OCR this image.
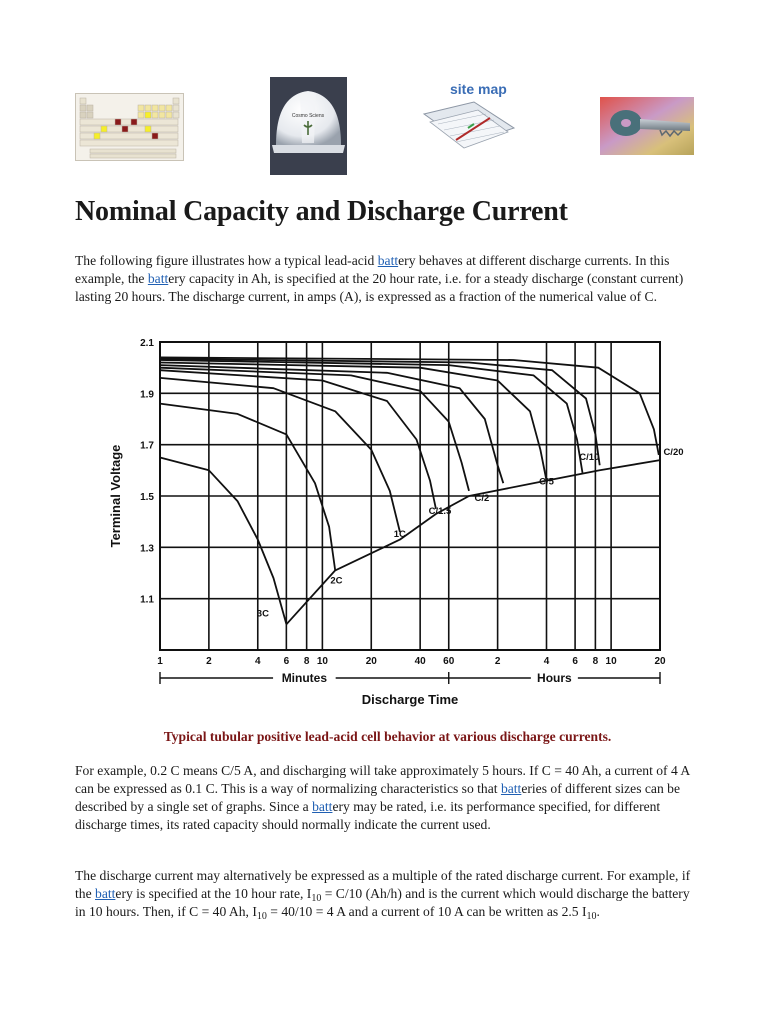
Cosmo Sciens
site map
Nominal Capacity and Discharge Current

The following figure illustrates how a typical lead-acid battery behaves at different discharge currents. In this example, the battery capacity in Ah, is specified at the 20 hour rate, i.e. for a steady discharge (constant current) lasting 20 hours. The discharge current, in amps (A), is expressed as a fraction of the numerical value of C.

1	2	4 6 8 10	20	40 60	2	4 6 8 10	20
2.1
1.9
1.7
1.5
1.3
1.1
Minutes	Hours
Discharge Time
Terminal Voltage
3C
2C
1C
C/1.5
C/2
C/5
C/10	C/20

Typical tubular positive lead-acid cell behavior at various discharge currents.

For example, 0.2 C means C/5 A, and discharging will take approximately 5 hours. If C = 40 Ah, a current of 4 A can be expressed as 0.1 C. This is a way of normalizing characteristics so that batteries of different sizes can be described by a single set of graphs. Since a battery may be rated, i.e. its performance specified, for different discharge times, its rated capacity should normally indicate the current used.

The discharge current may alternatively be expressed as a multiple of the rated discharge current. For example, if the battery is specified at the 10 hour rate, $I_{10} = C/10$ (Ah/h) and is the current which would discharge the battery in 10 hours. Then, if C = 40 Ah, $I_{10} = 40/10 = 4$ A and a current of 10 A can be written as 2.5 $I_{10}$.
